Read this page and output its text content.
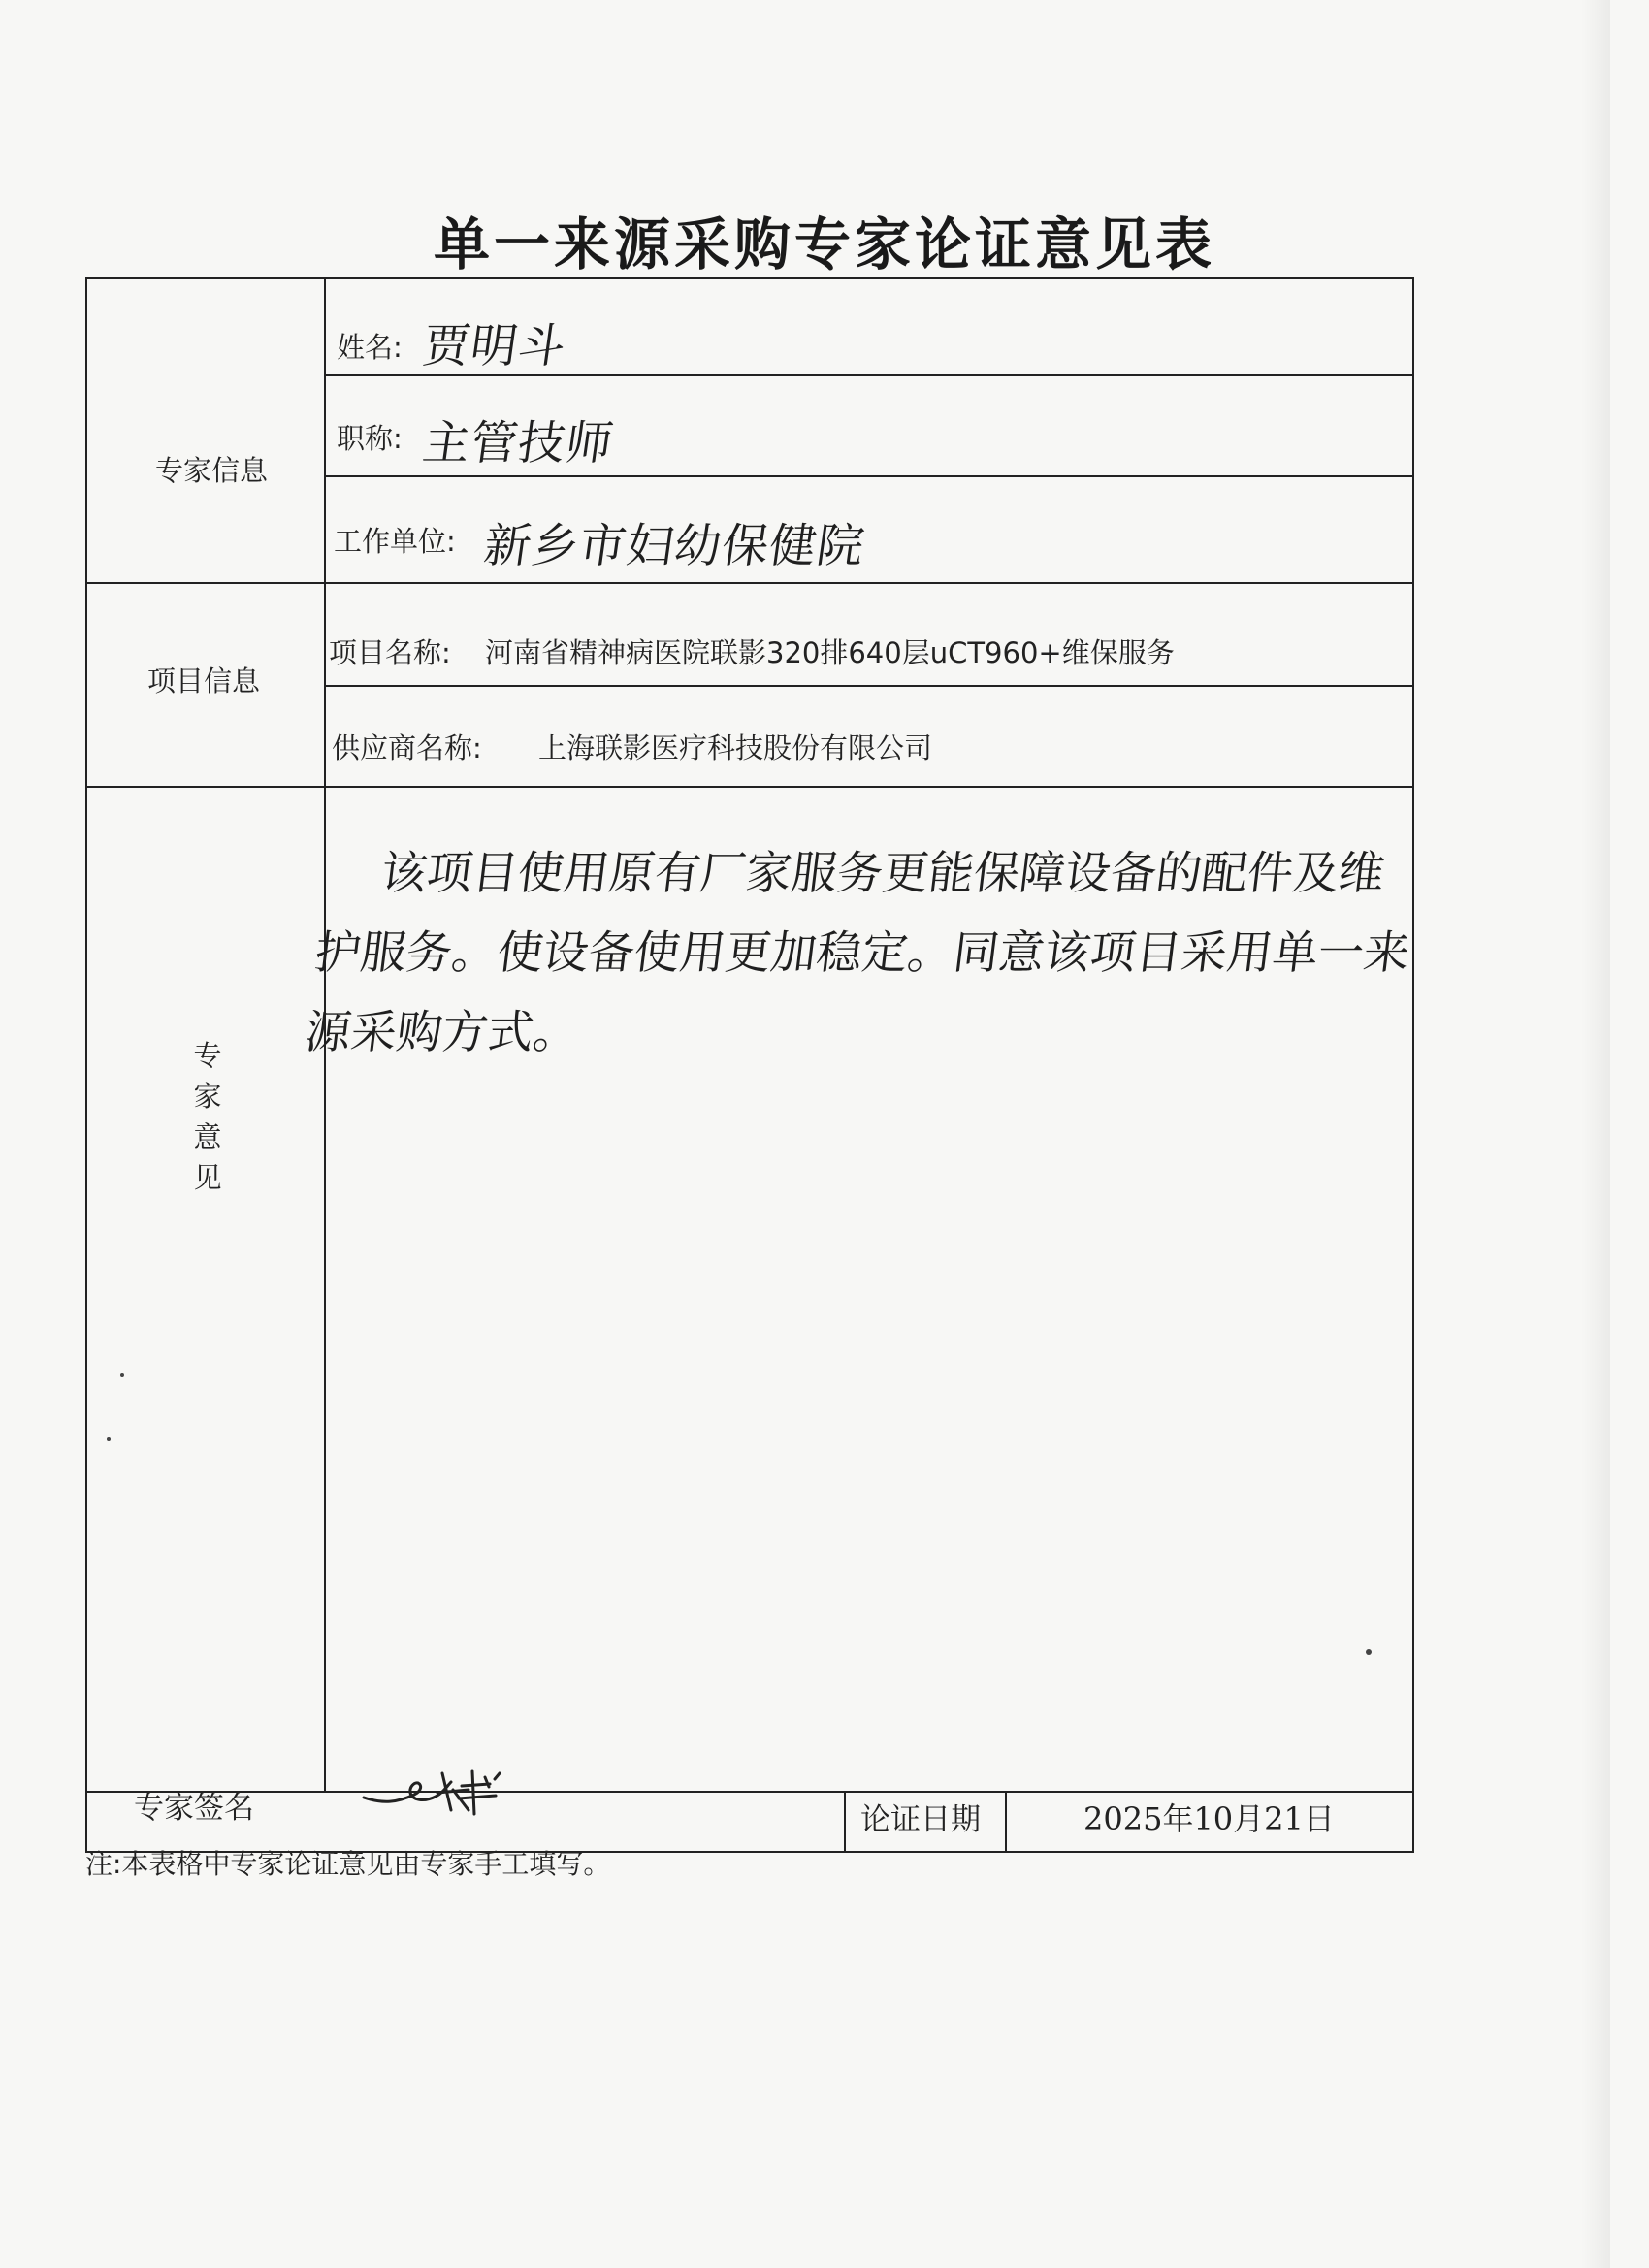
单一来源采购专家论证意见表
专家信息
姓名: 贾明斗
职称: 主管技师
工作单位: 新乡市妇幼保健院
项目信息
项目名称: 河南省精神病医院联影320排640层uCT960+维保服务
供应商名称: 上海联影医疗科技股份有限公司
专
家
意
见
该项目使用原有厂家服务更能保障设备的配件及维护服务。使设备使用更加稳定。同意该项目采用单一来源采购方式。
专家签名	论证日期	2025年10月21日
注:本表格中专家论证意见由专家手工填写。
